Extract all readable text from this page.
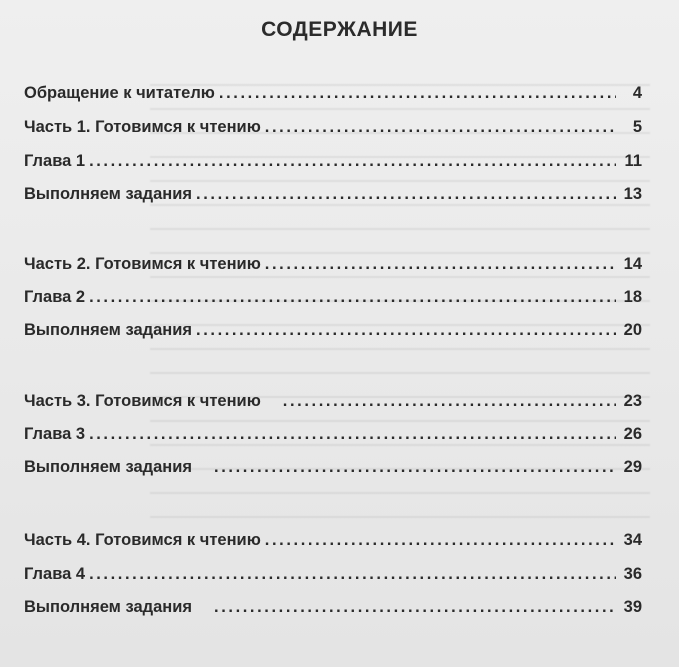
СОДЕРЖАНИЕ
Обращение к читателю .....	4
Часть 1. Готовимся к чтению .....	5
Глава 1 .....	11
Выполняем задания .....	13
Часть 2. Готовимся к чтению .....	14
Глава 2 .....	18
Выполняем задания .....	20
Часть 3. Готовимся к чтению .....	23
Глава 3 .....	26
Выполняем задания .....	29
Часть 4. Готовимся к чтению .....	34
Глава 4 .....	36
Выполняем задания .....	39
